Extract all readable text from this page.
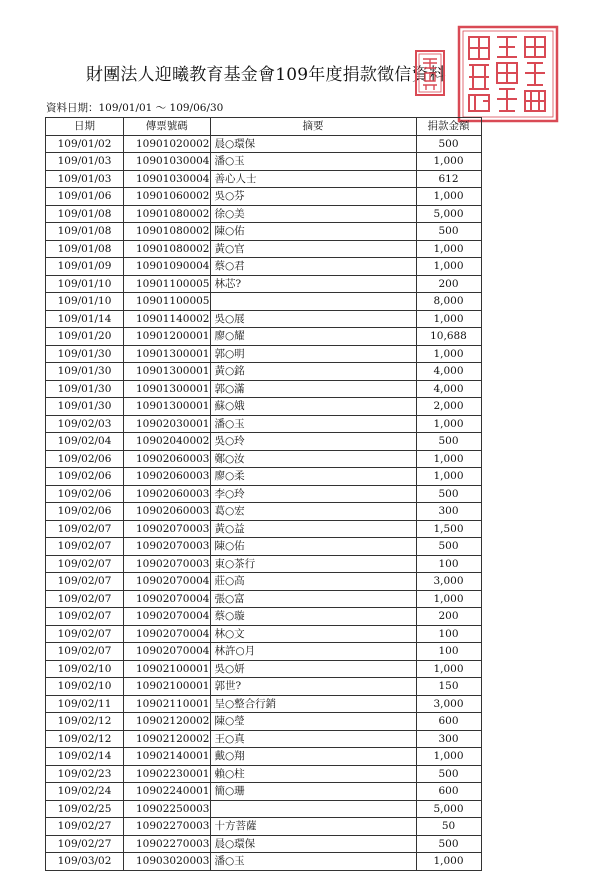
財團法人迎曦教育基金會109年度捐款徵信資料
資料日期：109/01/01 ～ 109/06/30
日期	傳票號碼	摘要	捐款金額
109/01/02	10901020002	晨○環保	500
109/01/03	10901030004	潘○玉	1,000
109/01/03	10901030004	善心人士	612
109/01/06	10901060002	吳○芬	1,000
109/01/08	10901080002	徐○美	5,000
109/01/08	10901080002	陳○佑	500
109/01/08	10901080002	黃○官	1,000
109/01/09	10901090004	蔡○君	1,000
109/01/10	10901100005	林芯?	200
109/01/10	10901100005		8,000
109/01/14	10901140002	吳○展	1,000
109/01/20	10901200001	廖○耀	10,688
109/01/30	10901300001	郭○明	1,000
109/01/30	10901300001	黃○銘	4,000
109/01/30	10901300001	郭○滿	4,000
109/01/30	10901300001	蘇○娥	2,000
109/02/03	10902030001	潘○玉	1,000
109/02/04	10902040002	吳○玲	500
109/02/06	10902060003	鄭○汝	1,000
109/02/06	10902060003	廖○柔	1,000
109/02/06	10902060003	李○玲	500
109/02/06	10902060003	葛○宏	300
109/02/07	10902070003	黃○益	1,500
109/02/07	10902070003	陳○佑	500
109/02/07	10902070003	東○茶行	100
109/02/07	10902070004	莊○高	3,000
109/02/07	10902070004	張○富	1,000
109/02/07	10902070004	蔡○璇	200
109/02/07	10902070004	林○文	100
109/02/07	10902070004	林許○月	100
109/02/10	10902100001	吳○妍	1,000
109/02/10	10902100001	郭世?	150
109/02/11	10902110001	呈○整合行銷	3,000
109/02/12	10902120002	陳○瑩	600
109/02/12	10902120002	王○真	300
109/02/14	10902140001	戴○翔	1,000
109/02/23	10902230001	賴○柱	500
109/02/24	10902240001	簡○珊	600
109/02/25	10902250003		5,000
109/02/27	10902270003	十方菩薩	50
109/02/27	10902270003	晨○環保	500
109/03/02	10903020003	潘○玉	1,000
